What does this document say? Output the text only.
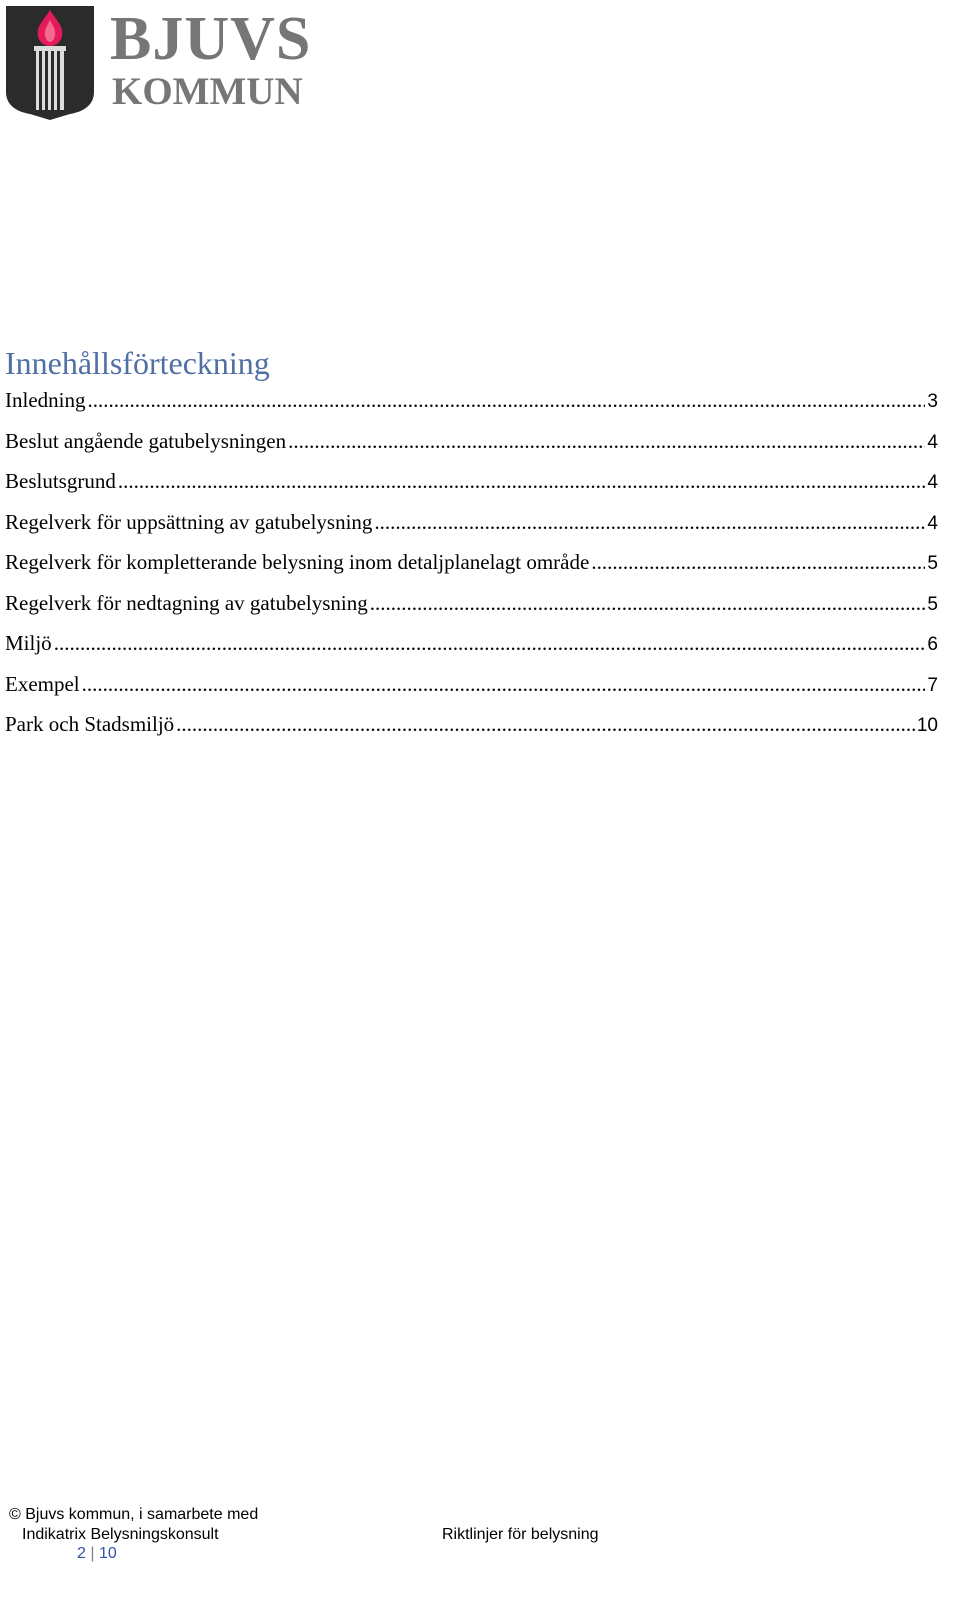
BJUVS
KOMMUN
Innehållsförteckning
Inledning .....	3
Beslut angående gatubelysningen .....	4
Beslutsgrund .....	4
Regelverk för uppsättning av gatubelysning .....	4
Regelverk för kompletterande belysning inom detaljplanelagt område .....	5
Regelverk för nedtagning av gatubelysning .....	5
Miljö .....	6
Exempel .....	7
Park och Stadsmiljö .....	10
© Bjuvs kommun, i samarbete med
Indikatrix Belysningskonsult	Riktlinjer för belysning
2 | 10
